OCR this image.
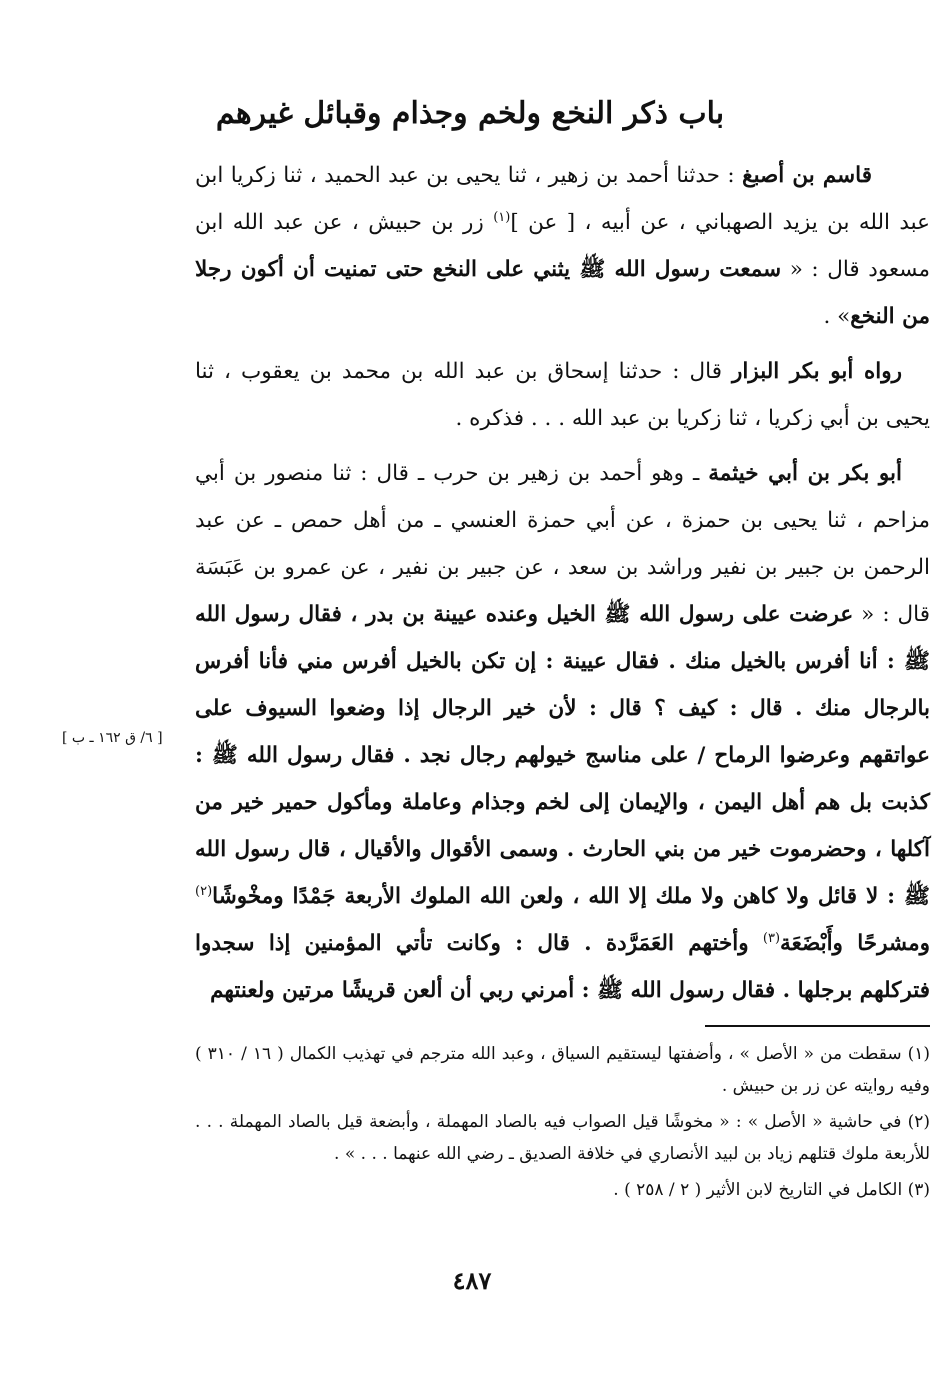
باب ذكر النخع ولخم وجذام وقبائل غيرهم

قاسم بن أصبغ : حدثنا أحمد بن زهير ، ثنا يحيى بن عبد الحميد ، ثنا زكريا ابن عبد الله بن يزيد الصهباني ، عن أبيه ، [ عن ]$^{(١)}$ زر بن حبيش ، عن عبد الله ابن مسعود قال : « سمعت رسول الله ﷺ يثني على النخع حتى تمنيت أن أكون رجلا من النخع» .

رواه أبو بكر البزار قال : حدثنا إسحاق بن عبد الله بن محمد بن يعقوب ، ثنا يحيى بن أبي زكريا ، ثنا زكريا بن عبد الله . . . فذكره .

أبو بكر بن أبي خيثمة ـ وهو أحمد بن زهير بن حرب ـ قال : ثنا منصور بن أبي مزاحم ، ثنا يحيى بن حمزة ، عن أبي حمزة العنسي ـ من أهل حمص ـ عن عبد الرحمن بن جبير بن نفير وراشد بن سعد ، عن جبير بن نفير ، عن عمرو بن عَبَسَة قال : « عرضت على رسول الله ﷺ الخيل وعنده عيينة بن بدر ، فقال رسول الله ﷺ : أنا أفرس بالخيل منك . فقال عيينة : إن تكن بالخيل أفرس مني فأنا أفرس بالرجال منك . قال : كيف ؟ قال : لأن خير الرجال إذا وضعوا السيوف على عواتقهم وعرضوا الرماح / على مناسج خيولهم رجال نجد . فقال رسول الله ﷺ : كذبت بل هم أهل اليمن ، والإيمان إلى لخم وجذام وعاملة ومأكول حمير خير من آكلها ، وحضرموت خير من بني الحارث . وسمى الأقوال والأقيال ، قال رسول الله ﷺ : لا قائل ولا كاهن ولا ملك إلا الله ، ولعن الله الملوك الأربعة جَمْدًا ومخْوشًا$^{(٢)}$ ومشرحًا وأَبْضَعَة$^{(٣)}$ وأختهم العَمَرَّدة . قال : وكانت تأتي المؤمنين إذا سجدوا فتركلهم برجلها . فقال رسول الله ﷺ : أمرني ربي أن ألعن قريشًا مرتين ولعنتهم

[ ٦/ ق ١٦٢ ـ ب ]

(١) سقطت من « الأصل » ، وأضفتها ليستقيم السياق ، وعبد الله مترجم في تهذيب الكمال ( ١٦ / ٣١٠ ) وفيه روايته عن زر بن حبيش .

(٢) في حاشية « الأصل » : « مخوشًا قيل الصواب فيه بالصاد المهملة ، وأبضعة قيل بالصاد المهملة . . . للأربعة ملوك قتلهم زياد بن لبيد الأنصاري في خلافة الصديق ـ رضي الله عنهما . . . » .

(٣) الكامل في التاريخ لابن الأثير ( ٢ / ٢٥٨ ) .

٤٨٧
